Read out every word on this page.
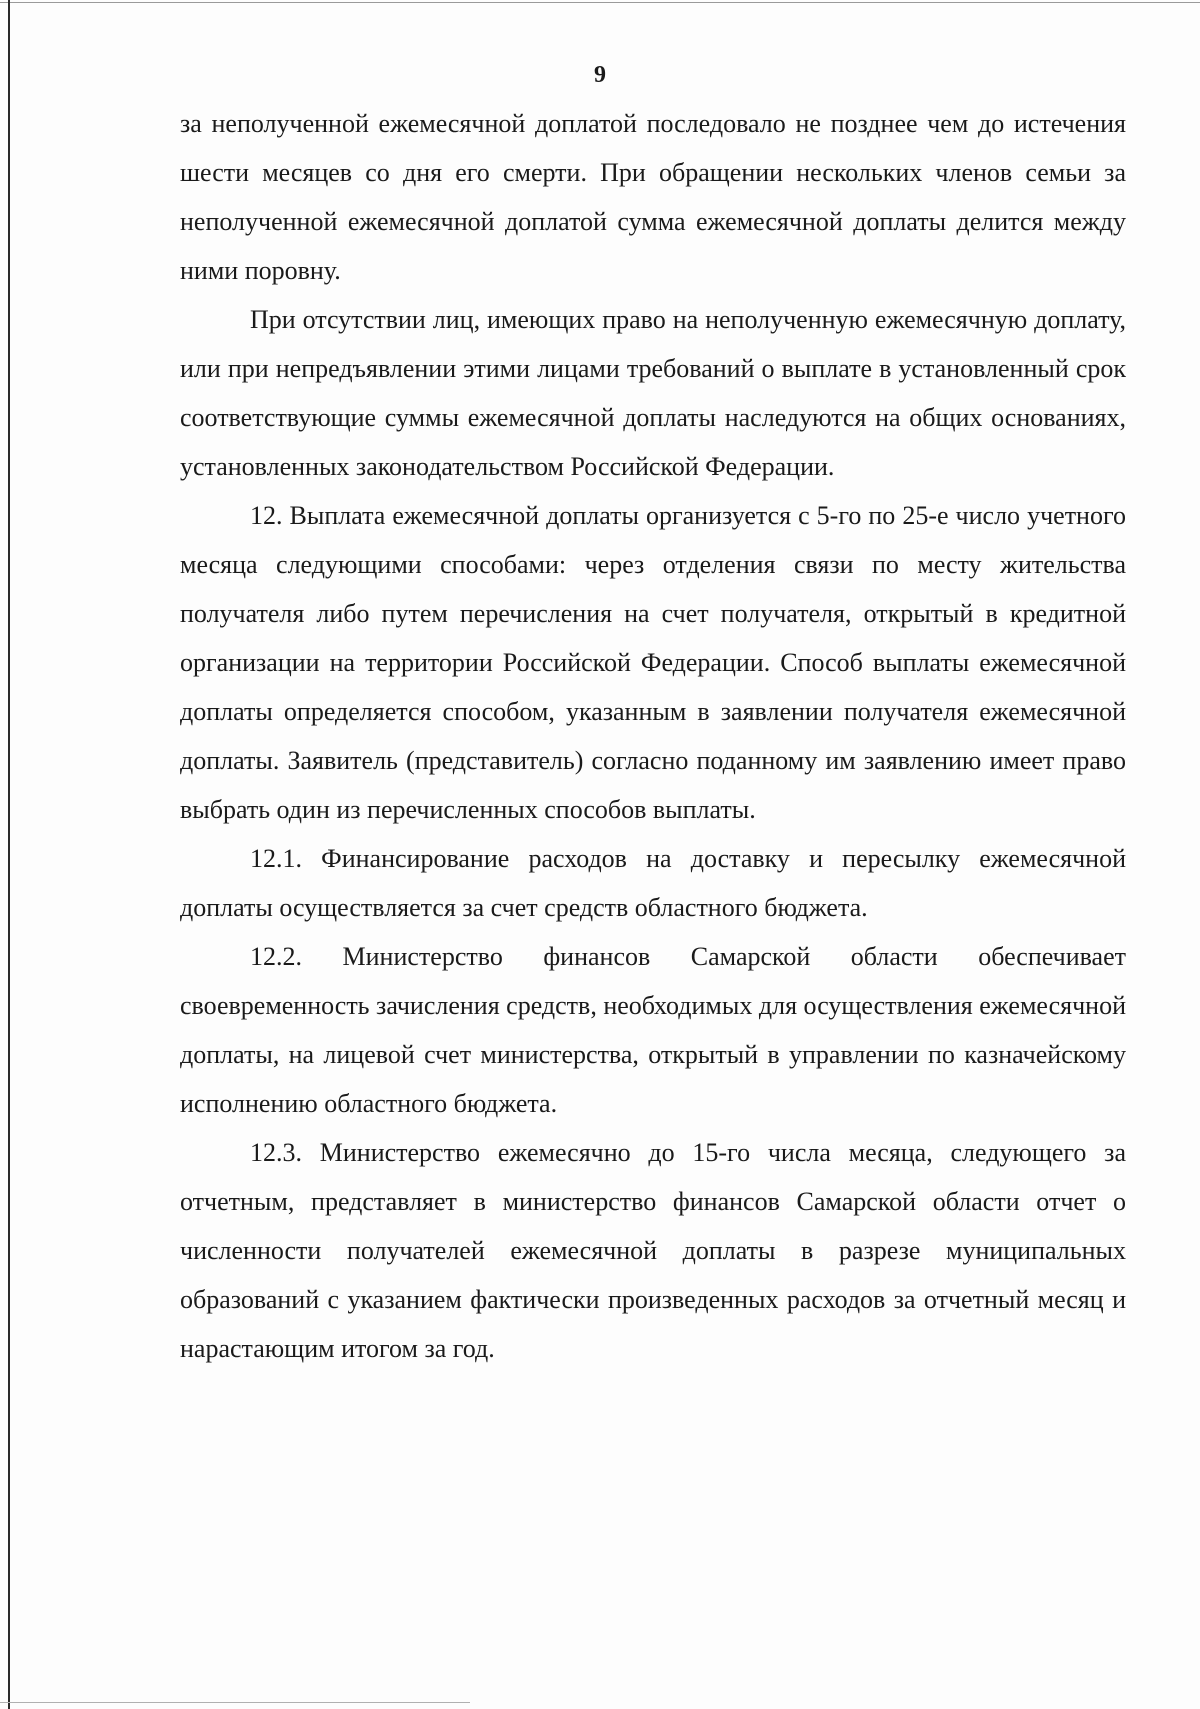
9

за неполученной ежемесячной доплатой последовало не позднее чем до истечения шести месяцев со дня его смерти. При обращении нескольких членов семьи за неполученной ежемесячной доплатой сумма ежемесячной доплаты делится между ними поровну.

При отсутствии лиц, имеющих право на неполученную ежемесячную доплату, или при непредъявлении этими лицами требований о выплате в установленный срок соответствующие суммы ежемесячной доплаты наследуются на общих основаниях, установленных законодательством Российской Федерации.

12. Выплата ежемесячной доплаты организуется с 5-го по 25-е число учетного месяца следующими способами: через отделения связи по месту жительства получателя либо путем перечисления на счет получателя, открытый в кредитной организации на территории Российской Федерации. Способ выплаты ежемесячной доплаты определяется способом, указанным в заявлении получателя ежемесячной доплаты. Заявитель (представитель) согласно поданному им заявлению имеет право выбрать один из перечисленных способов выплаты.

12.1. Финансирование расходов на доставку и пересылку ежемесячной доплаты осуществляется за счет средств областного бюджета.

12.2. Министерство финансов Самарской области обеспечивает своевременность зачисления средств, необходимых для осуществления ежемесячной доплаты, на лицевой счет министерства, открытый в управлении по казначейскому исполнению областного бюджета.

12.3. Министерство ежемесячно до 15-го числа месяца, следующего за отчетным, представляет в министерство финансов Самарской области отчет о численности получателей ежемесячной доплаты в разрезе муниципальных образований с указанием фактически произведенных расходов за отчетный месяц и нарастающим итогом за год.
